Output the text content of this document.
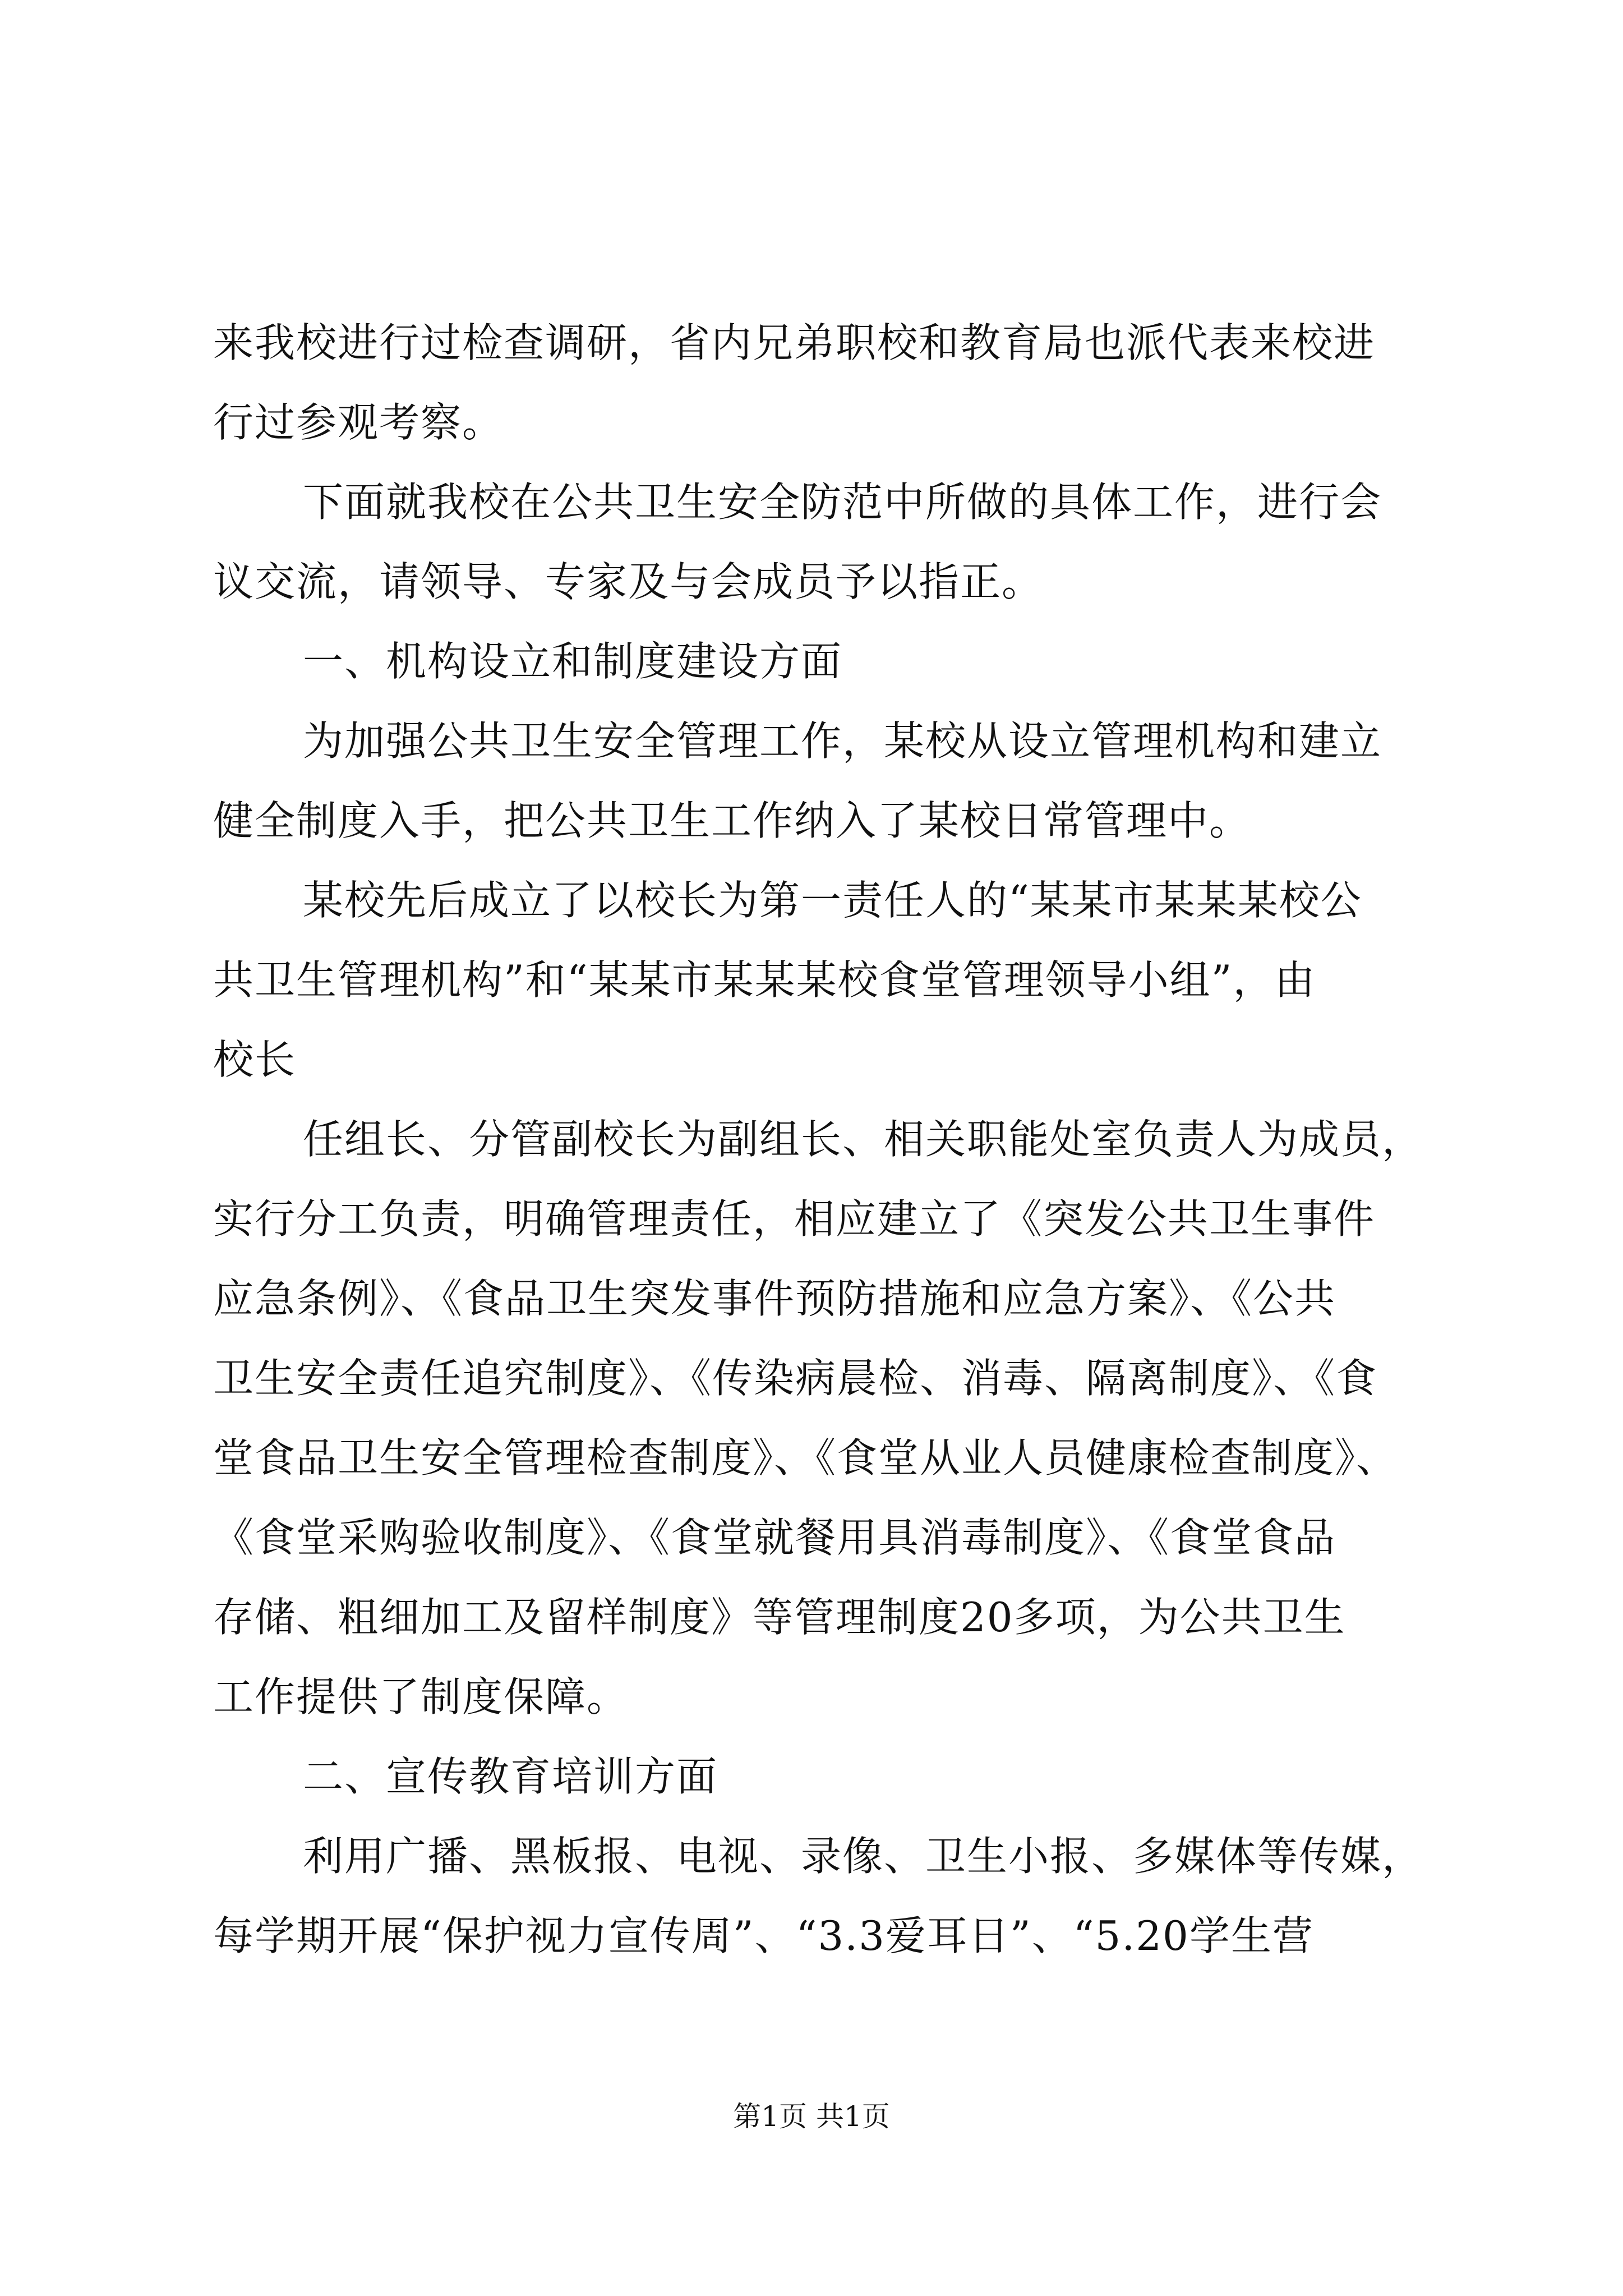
来我校进行过检查调研，省内兄弟职校和教育局也派代表来校进
行过参观考察。
下面就我校在公共卫生安全防范中所做的具体工作，进行会
议交流，请领导、专家及与会成员予以指正。
一、机构设立和制度建设方面
为加强公共卫生安全管理工作，某校从设立管理机构和建立
健全制度入手，把公共卫生工作纳入了某校日常管理中。
某校先后成立了以校长为第一责任人的“某某市某某某校公
共卫生管理机构”和“某某市某某某校食堂管理领导小组”，由
校长
任组长、分管副校长为副组长、相关职能处室负责人为成员，
实行分工负责，明确管理责任，相应建立了《突发公共卫生事件
应急条例》、《食品卫生突发事件预防措施和应急方案》、《公共
卫生安全责任追究制度》、《传染病晨检、消毒、隔离制度》、《食
堂食品卫生安全管理检查制度》、《食堂从业人员健康检查制度》、
《食堂采购验收制度》、《食堂就餐用具消毒制度》、《食堂食品
存储、粗细加工及留样制度》等管理制度20多项，为公共卫生
工作提供了制度保障。
二、宣传教育培训方面
利用广播、黑板报、电视、录像、卫生小报、多媒体等传媒，
每学期开展“保护视力宣传周”、“3.3爱耳日”、“5.20学生营
第1页 共1页
